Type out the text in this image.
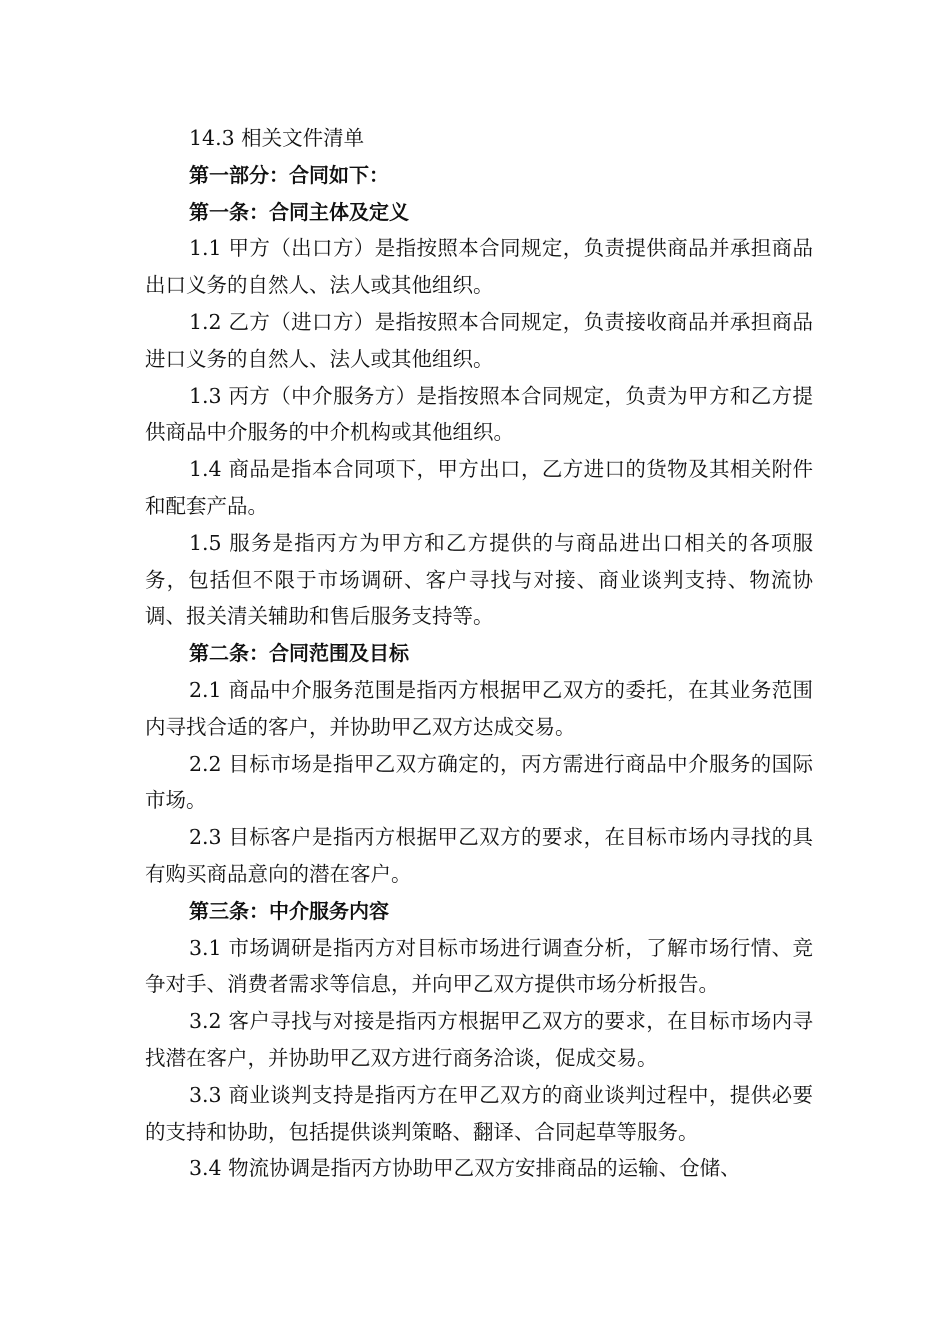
14.3 相关文件清单

第一部分：合同如下：

第一条：合同主体及定义

1.1 甲方（出口方）是指按照本合同规定，负责提供商品并承担商品出口义务的自然人、法人或其他组织。

1.2 乙方（进口方）是指按照本合同规定，负责接收商品并承担商品进口义务的自然人、法人或其他组织。

1.3 丙方（中介服务方）是指按照本合同规定，负责为甲方和乙方提供商品中介服务的中介机构或其他组织。

1.4 商品是指本合同项下，甲方出口，乙方进口的货物及其相关附件和配套产品。

1.5 服务是指丙方为甲方和乙方提供的与商品进出口相关的各项服务，包括但不限于市场调研、客户寻找与对接、商业谈判支持、物流协调、报关清关辅助和售后服务支持等。

第二条：合同范围及目标

2.1 商品中介服务范围是指丙方根据甲乙双方的委托，在其业务范围内寻找合适的客户，并协助甲乙双方达成交易。

2.2 目标市场是指甲乙双方确定的，丙方需进行商品中介服务的国际市场。

2.3 目标客户是指丙方根据甲乙双方的要求，在目标市场内寻找的具有购买商品意向的潜在客户。

第三条：中介服务内容

3.1 市场调研是指丙方对目标市场进行调查分析，了解市场行情、竞争对手、消费者需求等信息，并向甲乙双方提供市场分析报告。

3.2 客户寻找与对接是指丙方根据甲乙双方的要求，在目标市场内寻找潜在客户，并协助甲乙双方进行商务洽谈，促成交易。

3.3 商业谈判支持是指丙方在甲乙双方的商业谈判过程中，提供必要的支持和协助，包括提供谈判策略、翻译、合同起草等服务。

3.4 物流协调是指丙方协助甲乙双方安排商品的运输、仓储、
